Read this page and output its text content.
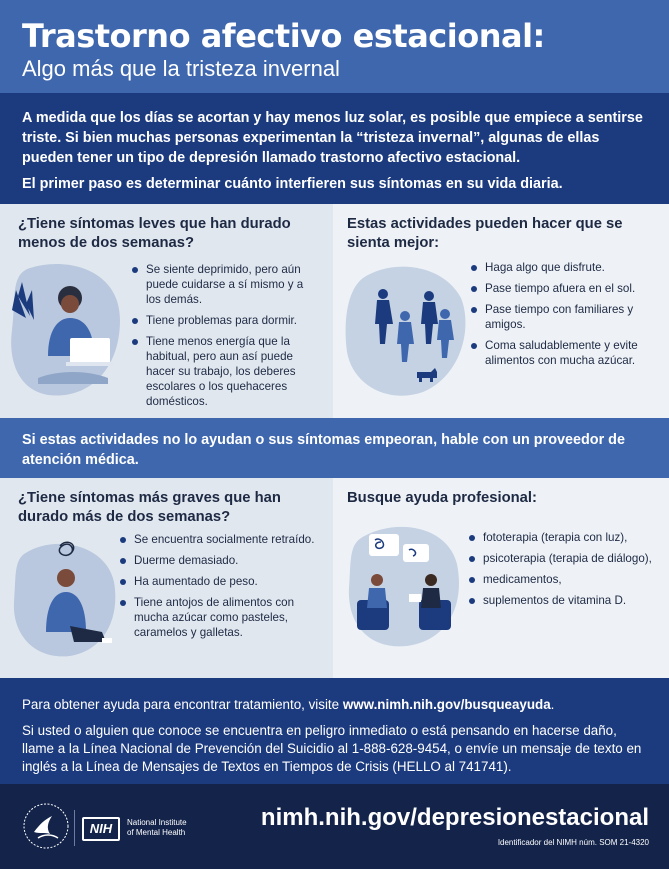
Trastorno afectivo estacional:
Algo más que la tristeza invernal

A medida que los días se acortan y hay menos luz solar, es posible que empiece a sentirse triste. Si bien muchas personas experimentan la “tristeza invernal”, algunas de ellas pueden tener un tipo de depresión llamado trastorno afectivo estacional.

El primer paso es determinar cuánto interfieren sus síntomas en su vida diaria.

¿Tiene síntomas leves que han durado menos de dos semanas?
Se siente deprimido, pero aún puede cuidarse a sí mismo y a los demás.
Tiene problemas para dormir.
Tiene menos energía que la habitual, pero aun así puede hacer su trabajo, los deberes escolares o los quehaceres domésticos.
Estas actividades pueden hacer que se sienta mejor:
Haga algo que disfrute.
Pase tiempo afuera en el sol.
Pase tiempo con familiares y amigos.
Coma saludablemente y evite alimentos con mucha azúcar.

Si estas actividades no lo ayudan o sus síntomas empeoran, hable con un proveedor de atención médica.

¿Tiene síntomas más graves que han durado más de dos semanas?
Se encuentra socialmente retraído.
Duerme demasiado.
Ha aumentado de peso.
Tiene antojos de alimentos con mucha azúcar como pasteles, caramelos y galletas.
Busque ayuda profesional:
fototerapia (terapia con luz),
psicoterapia (terapia de diálogo),
medicamentos,
suplementos de vitamina D.

Para obtener ayuda para encontrar tratamiento, visite www.nimh.nih.gov/busqueayuda.

Si usted o alguien que conoce se encuentra en peligro inmediato o está pensando en hacerse daño, llame a la Línea Nacional de Prevención del Suicidio al 1-888-628-9454, o envíe un mensaje de texto en inglés a la Línea de Mensajes de Textos en Tiempos de Crisis (HELLO al 741741).

NIH	National Institute
of Mental Health
nimh.nih.gov/depresionestacional
Identificador del NIMH núm. SOM 21-4320
